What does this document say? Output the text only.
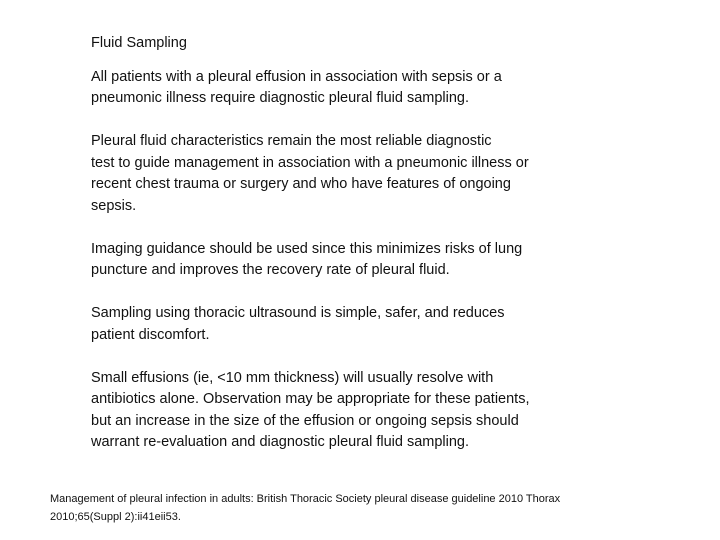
Fluid Sampling
All patients with a pleural effusion in association with sepsis or a
pneumonic illness require diagnostic pleural fluid sampling.
Pleural fluid characteristics remain the most reliable diagnostic
test to guide management in association with a pneumonic illness or
recent chest trauma or surgery and who have features of ongoing
sepsis.
Imaging guidance should be used since this minimizes risks of lung
puncture and improves the recovery rate of pleural fluid.
Sampling using thoracic ultrasound is simple, safer, and reduces
patient discomfort.
Small effusions (ie, <10 mm thickness) will usually resolve with
antibiotics alone. Observation may be appropriate for these patients,
but an increase in the size of the effusion or ongoing sepsis should
warrant re-evaluation and diagnostic pleural fluid sampling.
Management of pleural infection in adults: British Thoracic Society pleural disease guideline 2010 Thorax
2010;65(Suppl 2):ii41eii53.
